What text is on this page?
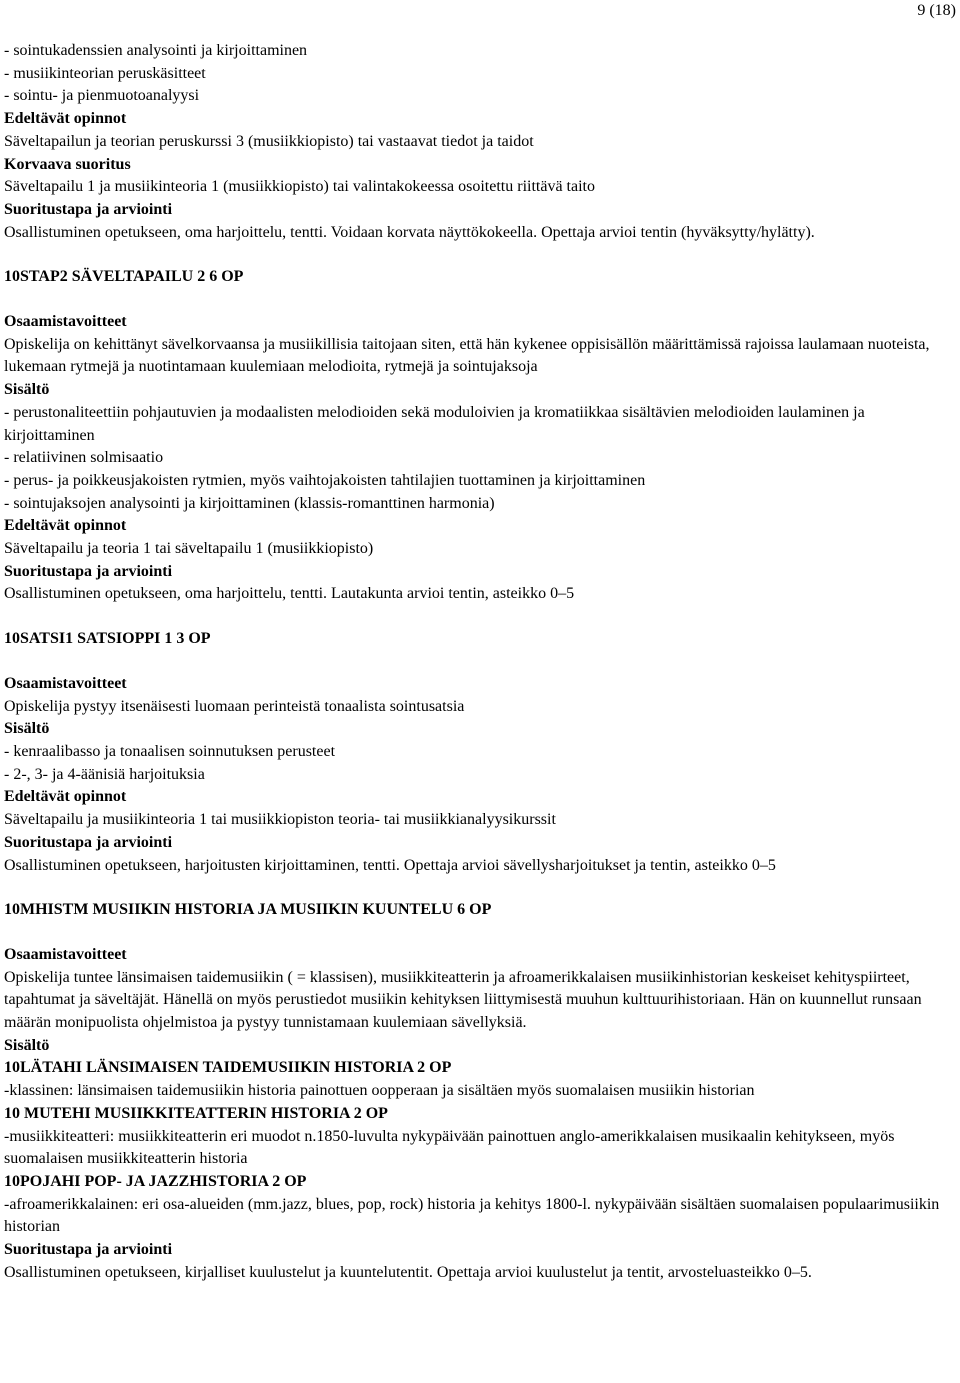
9 (18)

- sointukadenssien analysointi ja kirjoittaminen

- musiikinteorian peruskäsitteet

- sointu- ja pienmuotoanalyysi

Edeltävät opinnot

Säveltapailun ja teorian peruskurssi 3 (musiikkiopisto) tai vastaavat tiedot ja taidot

Korvaava suoritus

Säveltapailu 1 ja musiikinteoria 1 (musiikkiopisto) tai valintakokeessa osoitettu riittävä taito

Suoritustapa ja arviointi

Osallistuminen opetukseen, oma harjoittelu, tentti. Voidaan korvata näyttökokeella. Opettaja arvioi tentin (hyväksytty/hylätty).

10STAP2 SÄVELTAPAILU 2 6 OP

Osaamistavoitteet

Opiskelija on kehittänyt sävelkorvaansa ja musiikillisia taitojaan siten, että hän kykenee oppisisällön määrittämissä rajoissa laulamaan nuoteista, lukemaan rytmejä ja nuotintamaan kuulemiaan melodioita, rytmejä ja sointujaksoja

Sisältö

- perustonaliteettiin pohjautuvien ja modaalisten melodioiden sekä moduloivien ja kromatiikkaa sisältävien melodioiden laulaminen ja kirjoittaminen

- relatiivinen solmisaatio

- perus- ja poikkeusjakoisten rytmien, myös vaihtojakoisten tahtilajien tuottaminen ja kirjoittaminen

- sointujaksojen analysointi ja kirjoittaminen (klassis-romanttinen harmonia)

Edeltävät opinnot

Säveltapailu ja teoria 1 tai säveltapailu 1 (musiikkiopisto)

Suoritustapa ja arviointi

Osallistuminen opetukseen, oma harjoittelu, tentti. Lautakunta arvioi tentin, asteikko 0–5

10SATSI1 SATSIOPPI 1 3 OP

Osaamistavoitteet

Opiskelija pystyy itsenäisesti luomaan perinteistä tonaalista sointusatsia

Sisältö

- kenraalibasso ja tonaalisen soinnutuksen perusteet

- 2-, 3- ja 4-äänisiä harjoituksia

Edeltävät opinnot

Säveltapailu ja musiikinteoria 1 tai musiikkiopiston teoria- tai musiikkianalyysikurssit

Suoritustapa ja arviointi

Osallistuminen opetukseen, harjoitusten kirjoittaminen, tentti. Opettaja arvioi sävellysharjoitukset ja tentin, asteikko 0–5

10MHISTM MUSIIKIN HISTORIA JA MUSIIKIN KUUNTELU 6 OP

Osaamistavoitteet

Opiskelija tuntee länsimaisen taidemusiikin ( = klassisen), musiikkiteatterin ja afroamerikkalaisen musiikinhistorian keskeiset kehityspiirteet, tapahtumat ja säveltäjät. Hänellä on myös perustiedot musiikin kehityksen liittymisestä muuhun kulttuurihistoriaan. Hän on kuunnellut runsaan määrän monipuolista ohjelmistoa ja pystyy tunnistamaan kuulemiaan sävellyksiä.

Sisältö

10LÄTAHI LÄNSIMAISEN TAIDEMUSIIKIN HISTORIA 2 OP

-klassinen: länsimaisen taidemusiikin historia painottuen oopperaan ja sisältäen myös suomalaisen musiikin historian

10 MUTEHI MUSIIKKITEATTERIN HISTORIA 2 OP

-musiikkiteatteri: musiikkiteatterin eri muodot n.1850-luvulta nykypäivään painottuen anglo-amerikkalaisen musikaalin kehitykseen, myös suomalaisen musiikkiteatterin historia

10POJAHI POP- JA JAZZHISTORIA 2 OP

-afroamerikkalainen: eri osa-alueiden (mm.jazz, blues, pop, rock) historia ja kehitys 1800-l. nykypäivään sisältäen suomalaisen populaarimusiikin historian

Suoritustapa ja arviointi

Osallistuminen opetukseen, kirjalliset kuulustelut ja kuuntelutentit. Opettaja arvioi kuulustelut ja tentit, arvosteluasteikko 0–5.
